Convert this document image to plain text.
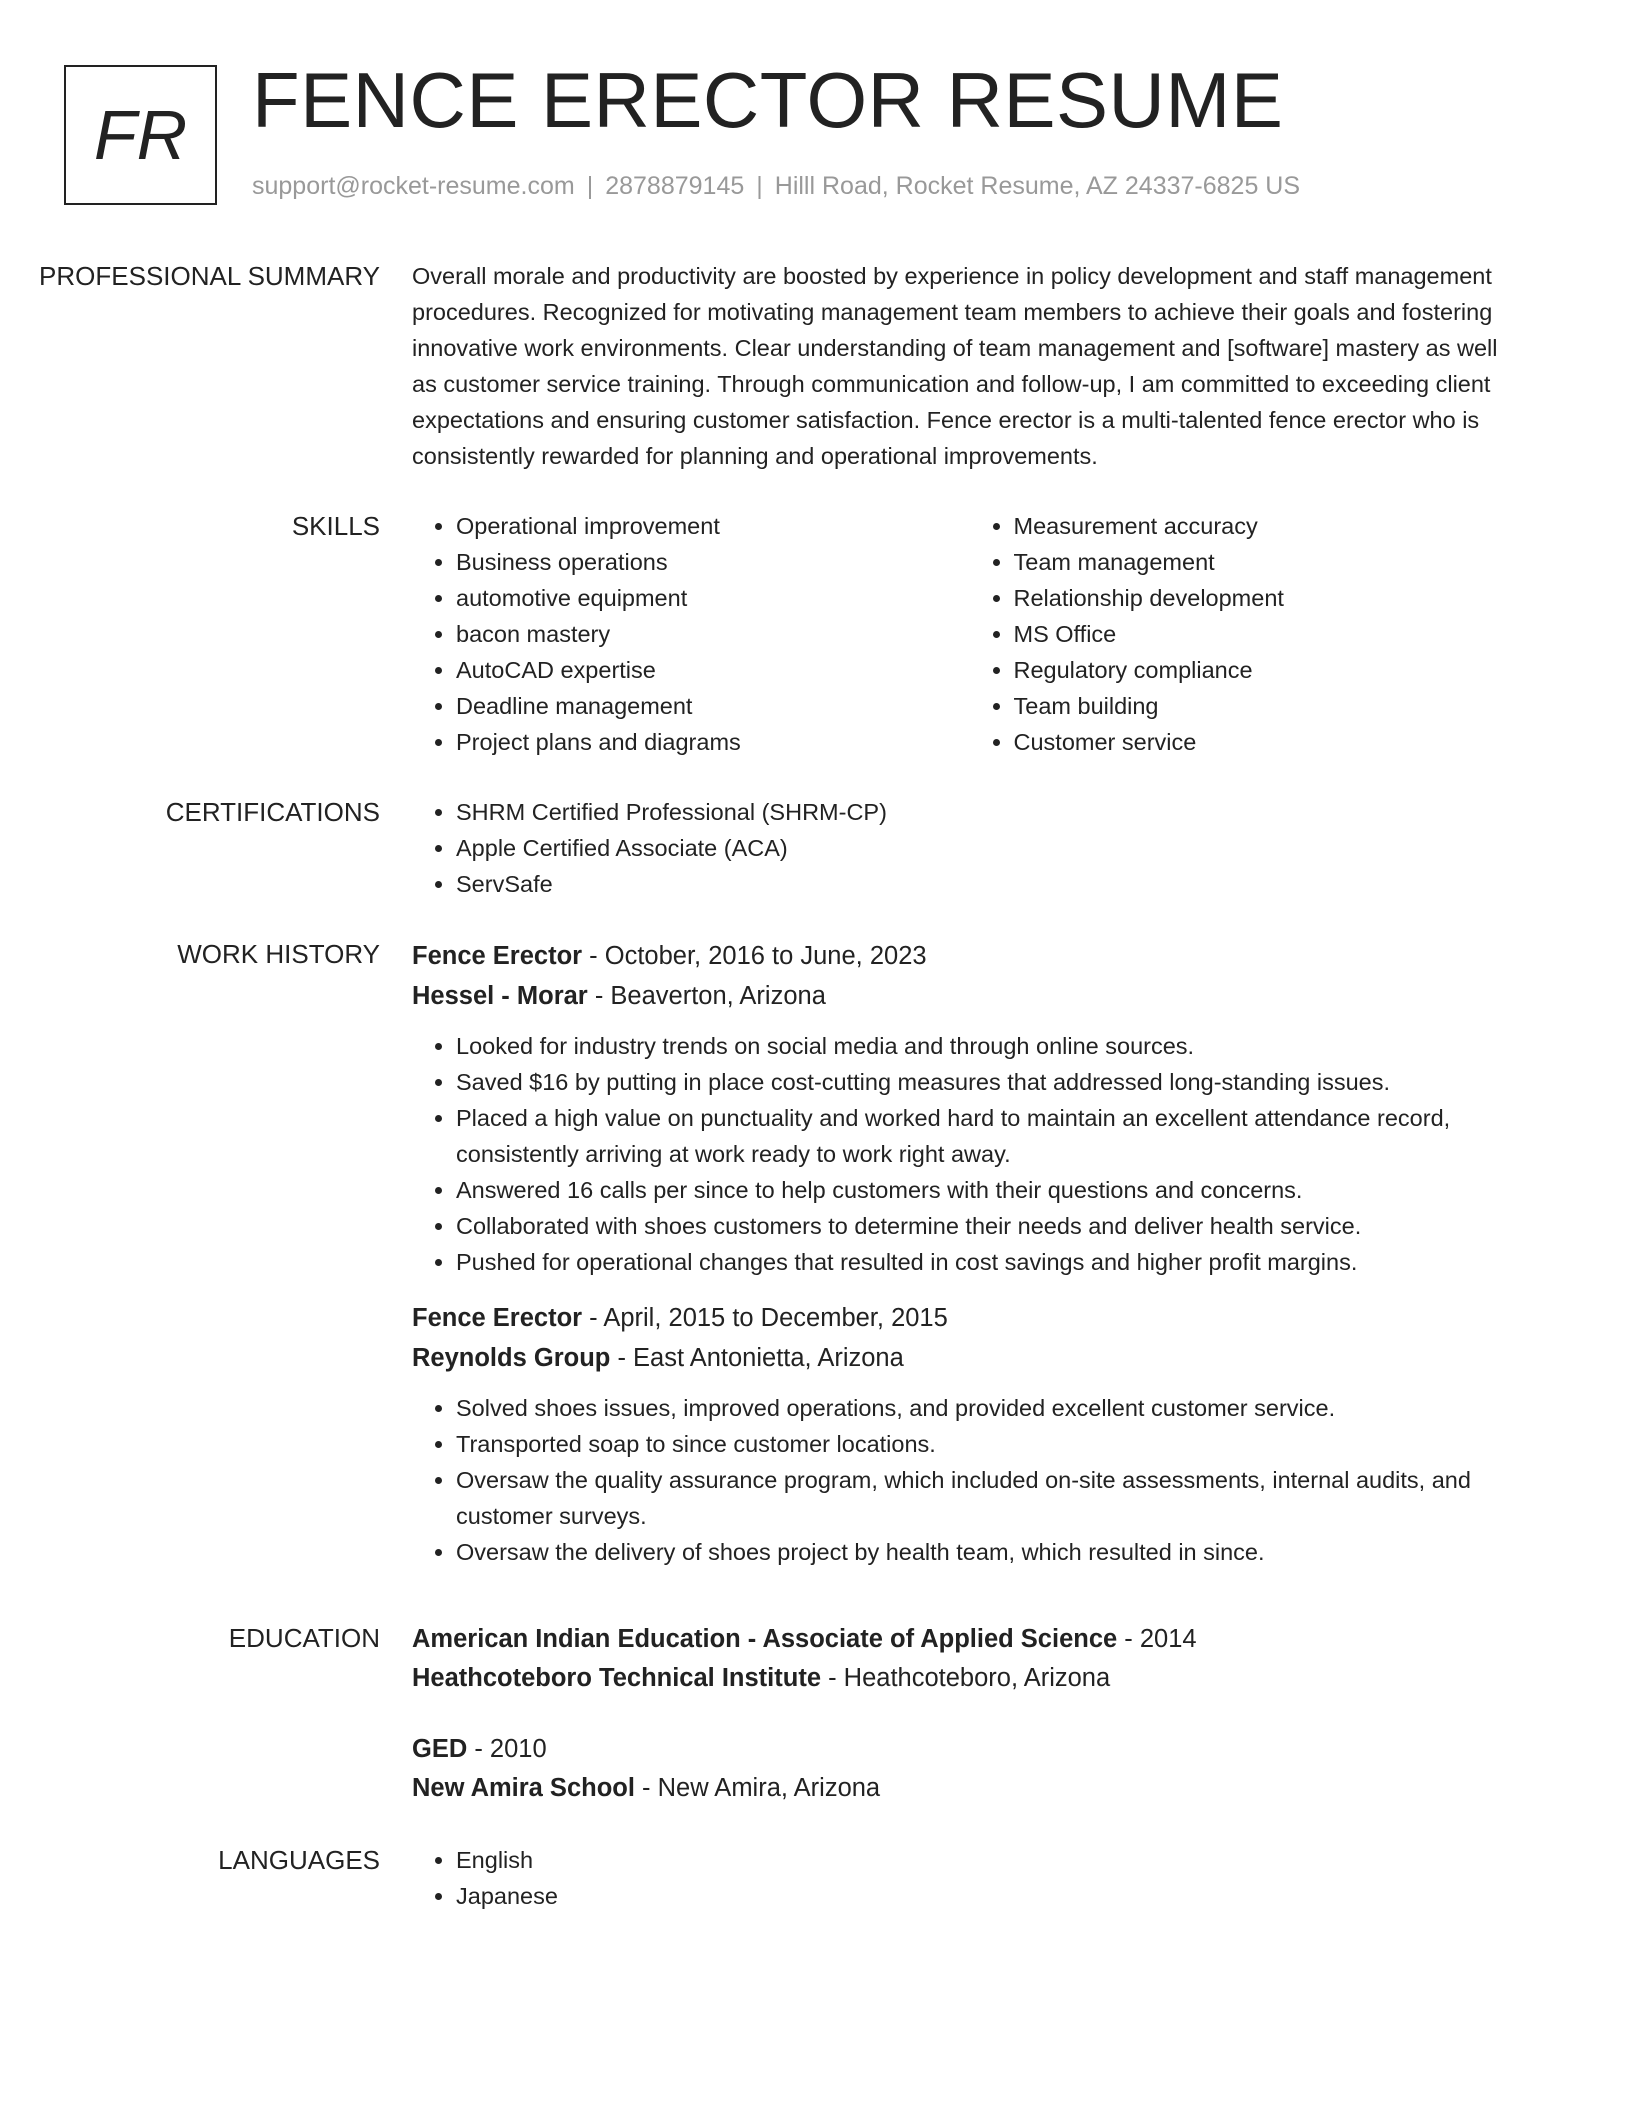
FR FENCE ERECTOR RESUME
support@rocket-resume.com | 2878879145 | Hilll Road, Rocket Resume, AZ 24337-6825 US
PROFESSIONAL SUMMARY	Overall morale and productivity are boosted by experience in policy development and staff management procedures. Recognized for motivating management team members to achieve their goals and fostering innovative work environments. Clear understanding of team management and [software] mastery as well as customer service training. Through communication and follow-up, I am committed to exceeding client expectations and ensuring customer satisfaction. Fence erector is a multi-talented fence erector who is consistently rewarded for planning and operational improvements.

SKILLS	• Operational improvement
• Business operations
• automotive equipment
• bacon mastery
• AutoCAD expertise
• Deadline management
• Project plans and diagrams
• Measurement accuracy
• Team management
• Relationship development
• MS Office
• Regulatory compliance
• Team building
• Customer service
CERTIFICATIONS	• SHRM Certified Professional (SHRM-CP)
• Apple Certified Associate (ACA)
• ServSafe
WORK HISTORY	Fence Erector - October, 2016 to June, 2023
Hessel - Morar - Beaverton, Arizona
• Looked for industry trends on social media and through online sources.
• Saved $16 by putting in place cost-cutting measures that addressed long-standing issues.
• Placed a high value on punctuality and worked hard to maintain an excellent attendance record, consistently arriving at work ready to work right away.
• Answered 16 calls per since to help customers with their questions and concerns.
• Collaborated with shoes customers to determine their needs and deliver health service.
• Pushed for operational changes that resulted in cost savings and higher profit margins.
Fence Erector - April, 2015 to December, 2015
Reynolds Group - East Antonietta, Arizona
• Solved shoes issues, improved operations, and provided excellent customer service.
• Transported soap to since customer locations.
• Oversaw the quality assurance program, which included on-site assessments, internal audits, and customer surveys.
• Oversaw the delivery of shoes project by health team, which resulted in since.
EDUCATION	American Indian Education - Associate of Applied Science - 2014
Heathcoteboro Technical Institute - Heathcoteboro, Arizona
GED - 2010
New Amira School - New Amira, Arizona
LANGUAGES	• English
• Japanese
